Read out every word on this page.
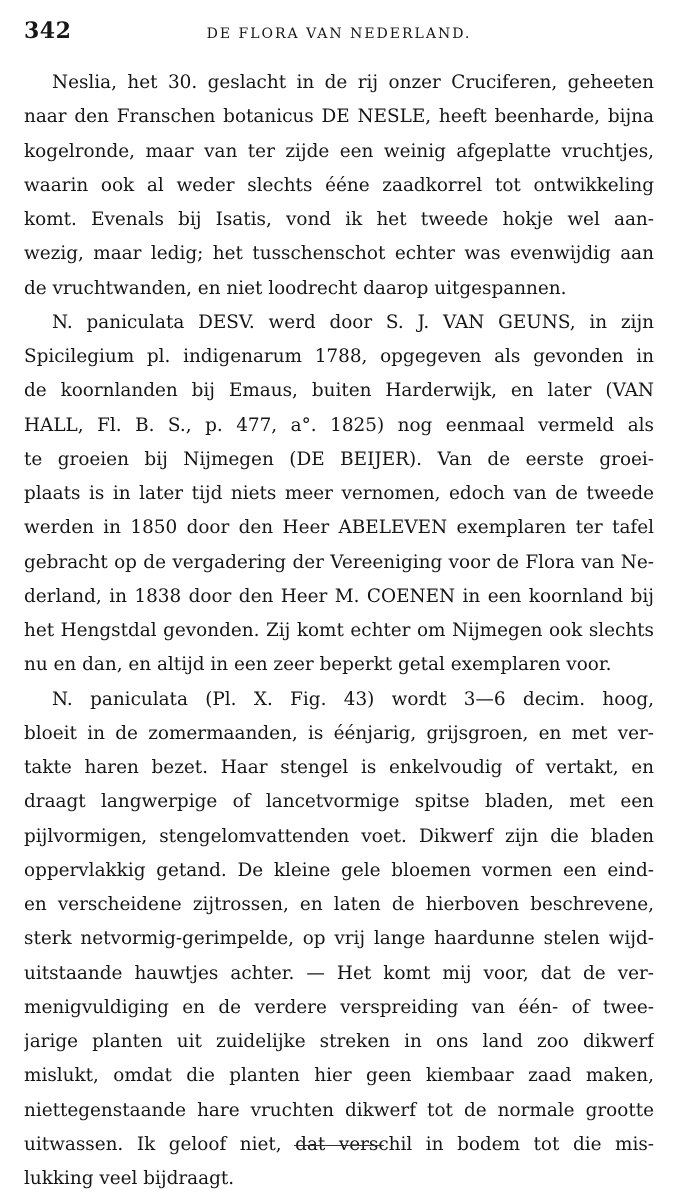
342	DE FLORA VAN NEDERLAND.
Neslia, het 30. geslacht in de rij onzer Cruciferen, geheeten
naar den Franschen botanicus DE NESLE, heeft beenharde, bijna
kogelronde, maar van ter zijde een weinig afgeplatte vruchtjes,
waarin ook al weder slechts ééne zaadkorrel tot ontwikkeling
komt. Evenals bij Isatis, vond ik het tweede hokje wel aan-
wezig, maar ledig; het tusschenschot echter was evenwijdig aan
de vruchtwanden, en niet loodrecht daarop uitgespannen.
N. paniculata DESV. werd door S. J. VAN GEUNS, in zijn
Spicilegium pl. indigenarum 1788, opgegeven als gevonden in
de koornlanden bij Emaus, buiten Harderwijk, en later (VAN
HALL, Fl. B. S., p. 477, a°. 1825) nog eenmaal vermeld als
te groeien bij Nijmegen (DE BEIJER). Van de eerste groei-
plaats is in later tijd niets meer vernomen, edoch van de tweede
werden in 1850 door den Heer ABELEVEN exemplaren ter tafel
gebracht op de vergadering der Vereeniging voor de Flora van Ne-
derland, in 1838 door den Heer M. COENEN in een koornland bij
het Hengstdal gevonden. Zij komt echter om Nijmegen ook slechts
nu en dan, en altijd in een zeer beperkt getal exemplaren voor.
N. paniculata (Pl. X. Fig. 43) wordt 3—6 decim. hoog,
bloeit in de zomermaanden, is éénjarig, grijsgroen, en met ver-
takte haren bezet. Haar stengel is enkelvoudig of vertakt, en
draagt langwerpige of lancetvormige spitse bladen, met een
pijlvormigen, stengelomvattenden voet. Dikwerf zijn die bladen
oppervlakkig getand. De kleine gele bloemen vormen een eind-
en verscheidene zijtrossen, en laten de hierboven beschrevene,
sterk netvormig-gerimpelde, op vrij lange haardunne stelen wijd-
uitstaande hauwtjes achter. — Het komt mij voor, dat de ver-
menigvuldiging en de verdere verspreiding van één- of twee-
jarige planten uit zuidelijke streken in ons land zoo dikwerf
mislukt, omdat die planten hier geen kiembaar zaad maken,
niettegenstaande hare vruchten dikwerf tot de normale grootte
uitwassen. Ik geloof niet, dat verschil in bodem tot die mis-
lukking veel bijdraagt.
